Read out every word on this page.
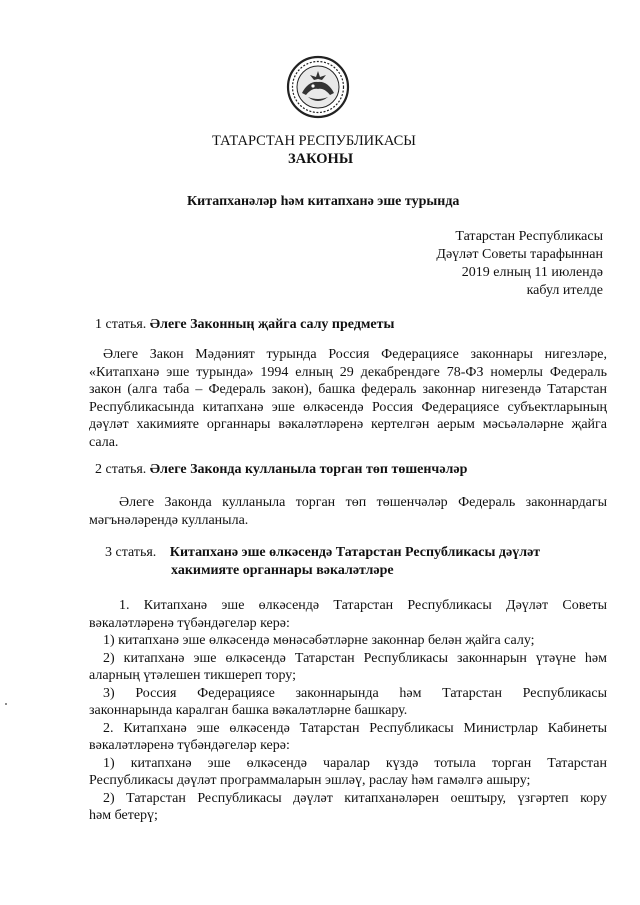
ТАТАРСТАН РЕСПУБЛИКАСЫ
ЗАКОНЫ
Китапханәләр һәм китапханә эше турында
Татарстан Республикасы
Дәүләт Советы тарафыннан
2019 елның 11 июлендә
кабул ителде
1 статья. Әлеге Законның җайга салу предметы
Әлеге Закон Мәдәният турында Россия Федерациясе законнары нигезләре,
«Китапханә эше турында» 1994 елның 29 декабрендәге 78-ФЗ номерлы Федераль
закон (алга таба – Федераль закон), башка федераль законнар нигезендә Татарстан
Республикасында китапханә эше өлкәсендә Россия Федерациясе субъектларының
дәүләт хакимияте органнары вәкаләтләренә кертелгән аерым мәсьәләләрне җайга
сала.
2 статья. Әлеге Законда кулланыла торган төп төшенчәләр
Әлеге Законда кулланыла торган төп төшенчәләр Федераль законнардагы
мәгънәләрендә кулланыла.
3 статья. Китапханә эше өлкәсендә Татарстан Республикасы дәүләт
хакимияте органнары вәкаләтләре
1. Китапханә эше өлкәсендә Татарстан Республикасы Дәүләт Советы
вәкаләтләренә түбәндәгеләр керә:
1) китапханә эше өлкәсендә мөнәсәбәтләрне законнар белән җайга салу;
2) китапханә эше өлкәсендә Татарстан Республикасы законнарын үтәүне һәм
аларның үтәлешен тикшереп тору;
3) Россия Федерациясе законнарында һәм Татарстан Республикасы
законнарында каралган башка вәкаләтләрне башкару.
2. Китапханә эше өлкәсендә Татарстан Республикасы Министрлар Кабинеты
вәкаләтләренә түбәндәгеләр керә:
1) китапханә эше өлкәсендә чаралар күздә тотыла торган Татарстан
Республикасы дәүләт программаларын эшләү, раслау һәм гамәлгә ашыру;
2) Татарстан Республикасы дәүләт китапханәләрен оештыру, үзгәртеп кору
һәм бетерү;
